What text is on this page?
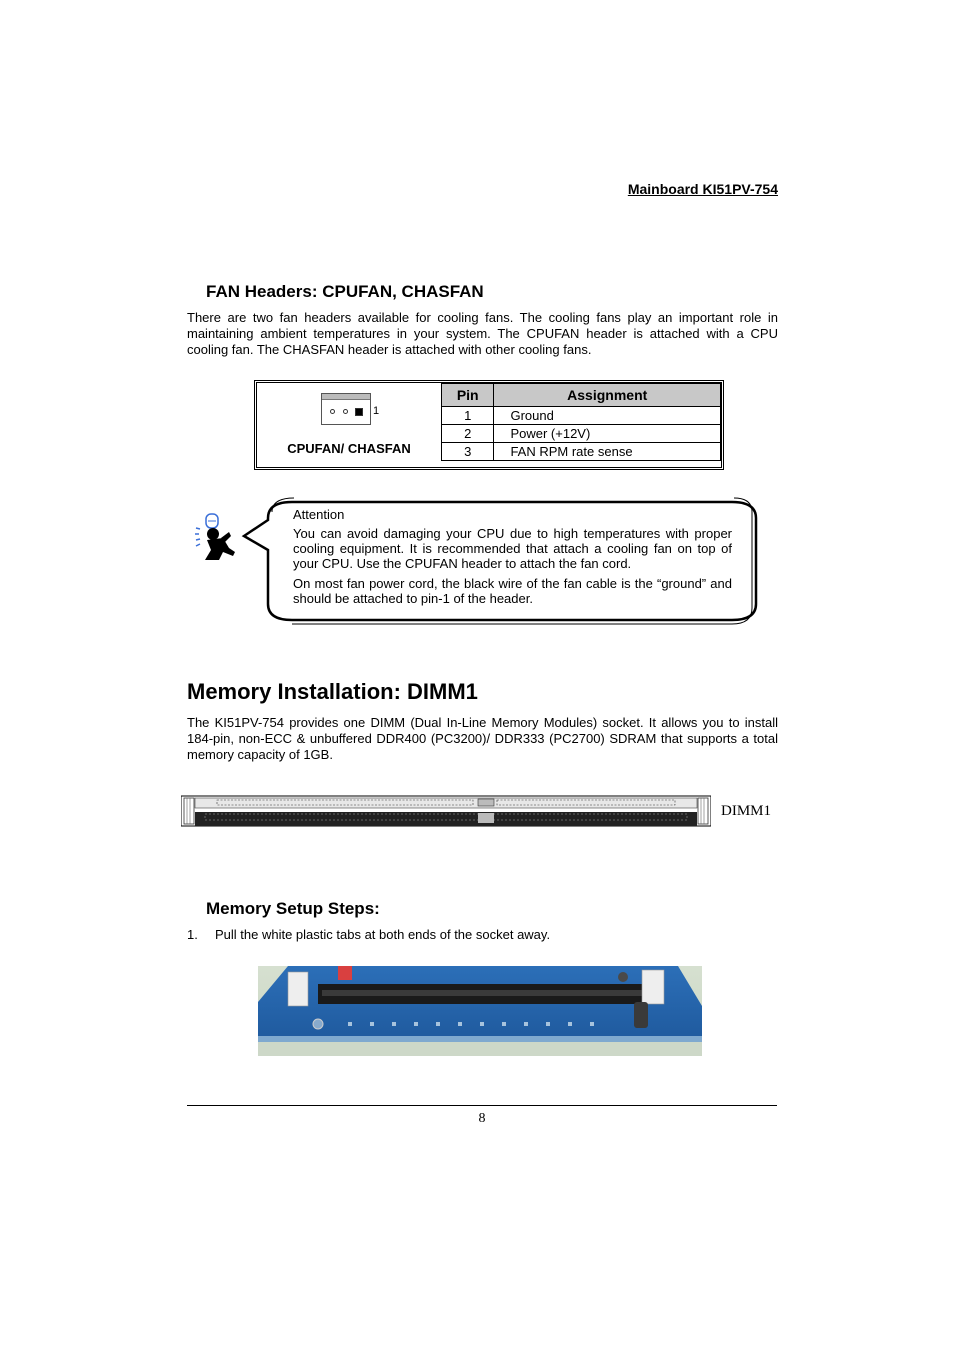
Mainboard KI51PV-754
FAN Headers: CPUFAN, CHASFAN
There are two fan headers available for cooling fans. The cooling fans play an important role in maintaining ambient temperatures in your system. The CPUFAN header is attached with a CPU cooling fan. The CHASFAN header is attached with other cooling fans.
1
CPUFAN/ CHASFAN
Pin	Assignment
1	Ground
2	Power (+12V)
3	FAN RPM rate sense

Attention

You can avoid damaging your CPU due to high temperatures with proper cooling equipment. It is recommended that attach a cooling fan on top of your CPU. Use the CPUFAN header to attach the fan cord.

On most fan power cord, the black wire of the fan cable is the “ground” and should be attached to pin-1 of the header.

Memory Installation: DIMM1
The KI51PV-754 provides one DIMM (Dual In-Line Memory Modules) socket. It allows you to install 184-pin, non-ECC & unbuffered DDR400 (PC3200)/ DDR333 (PC2700) SDRAM that supports a total memory capacity of 1GB.
DIMM1
Memory Setup Steps:
1. Pull the white plastic tabs at both ends of the socket away.
8
